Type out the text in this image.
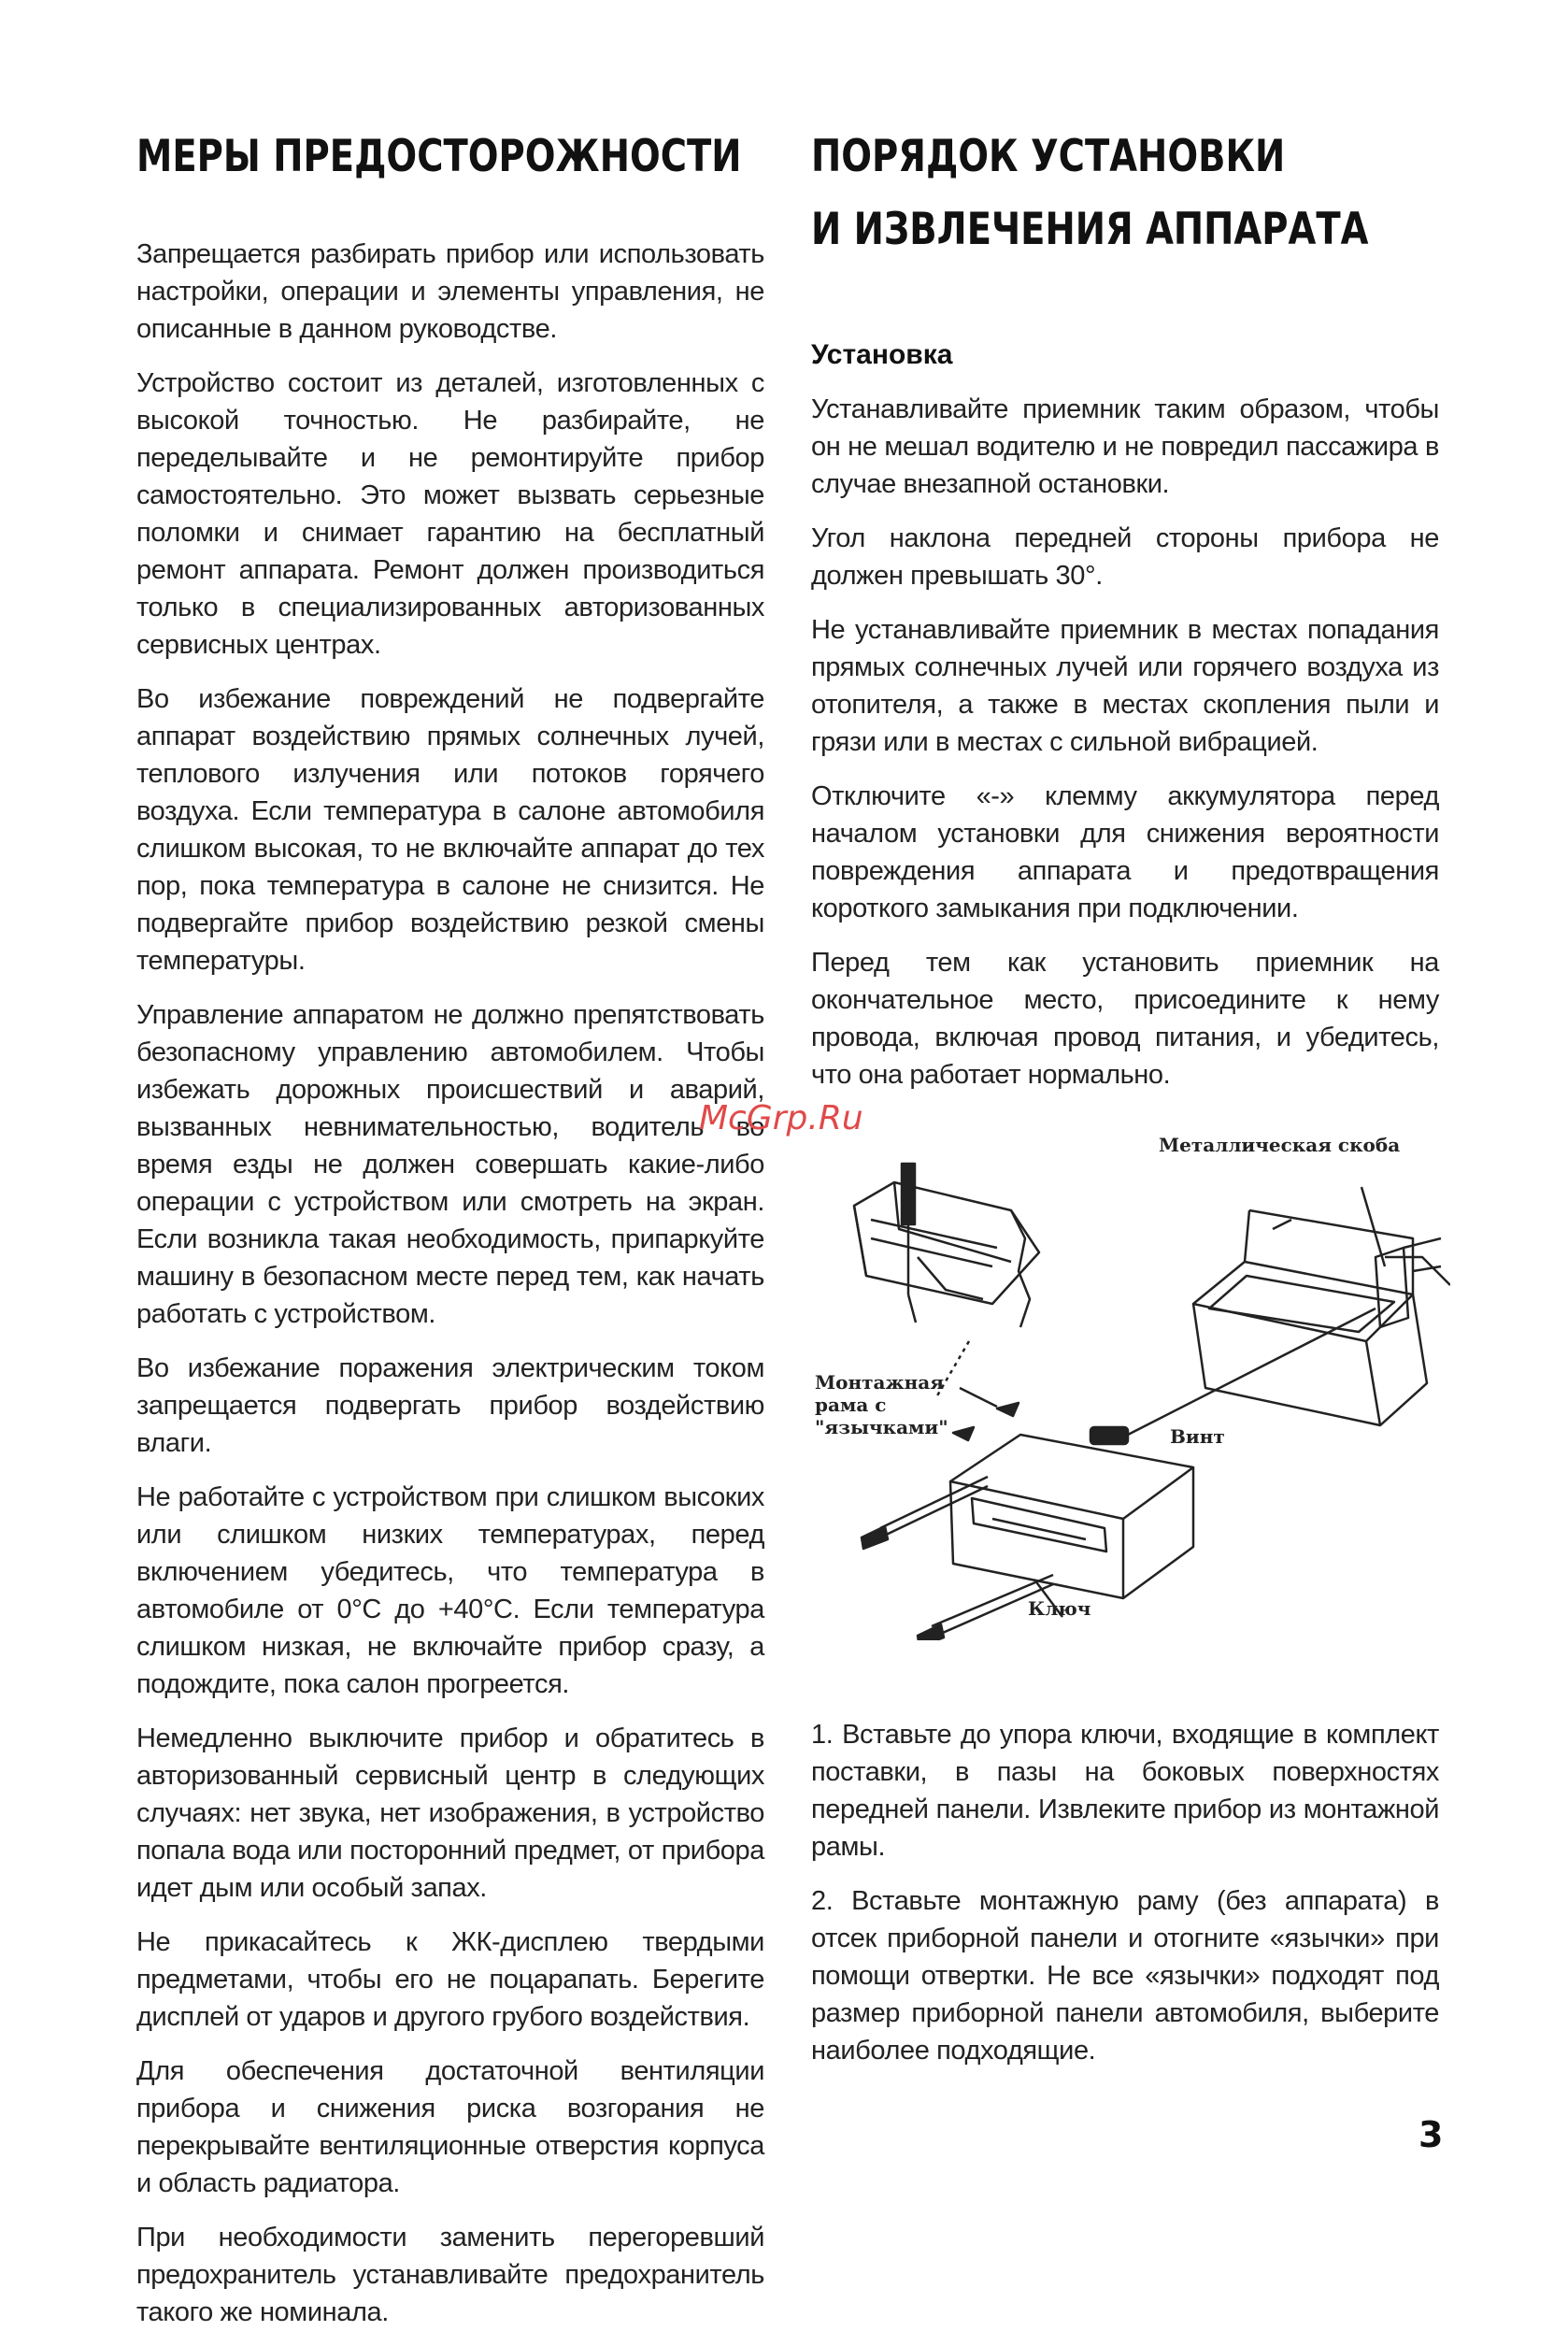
МЕРЫ ПРЕДОСТОРОЖНОСТИ

Запрещается разбирать прибор или использовать настройки, операции и элементы управления, не описанные в данном руководстве.

Устройство состоит из деталей, изготовленных с высокой точностью. Не разбирайте, не переделывайте и не ремонтируйте прибор самостоятельно. Это может вызвать серьезные поломки и снимает гарантию на бесплатный ремонт аппарата. Ремонт должен производиться только в специализированных авторизованных сервисных центрах.

Во избежание повреждений не подвергайте аппарат воздействию прямых солнечных лучей, теплового излучения или потоков горячего воздуха. Если температура в салоне автомобиля слишком высокая, то не включайте аппарат до тех пор, пока температура в салоне не снизится. Не подвергайте прибор воздействию резкой смены температуры.

Управление аппаратом не должно препятствовать безопасному управлению автомобилем. Чтобы избежать дорожных происшествий и аварий, вызванных невнимательностью, водитель во время езды не должен совершать какие-либо операции с устройством или смотреть на экран. Если возникла такая необходимость, припаркуйте машину в безопасном месте перед тем, как начать работать с устройством.

Во избежание поражения электрическим током запрещается подвергать прибор воздействию влаги.

Не работайте с устройством при слишком высоких или слишком низких температурах, перед включением убедитесь, что температура в автомобиле от 0°C до +40°C. Если температура слишком низкая, не включайте прибор сразу, а подождите, пока салон прогреется.

Немедленно выключите прибор и обратитесь в авторизованный сервисный центр в следующих случаях: нет звука, нет изображения, в устройство попала вода или посторонний предмет, от прибора идет дым или особый запах.

Не прикасайтесь к ЖК-дисплею твердыми предметами, чтобы его не поцарапать. Берегите дисплей от ударов и другого грубого воздействия.

Для обеспечения достаточной вентиляции прибора и снижения риска возгорания не перекрывайте вентиляционные отверстия корпуса и область радиатора.

При необходимости заменить перегоревший предохранитель устанавливайте предохранитель такого же номинала.

ПОРЯДОК УСТАНОВКИ
И ИЗВЛЕЧЕНИЯ АППАРАТА
Установка

Устанавливайте приемник таким образом, чтобы он не мешал водителю и не повредил пассажира в случае внезапной остановки.

Угол наклона передней стороны прибора не должен превышать 30°.

Не устанавливайте приемник в местах попадания прямых солнечных лучей или горячего воздуха из отопителя, а также в местах скопления пыли и грязи или в местах с сильной вибрацией.

Отключите «-» клемму аккумулятора перед началом установки для снижения вероятности повреждения аппарата и предотвращения короткого замыкания при подключении.

Перед тем как установить приемник на окончательное место, присоедините к нему провода, включая провод питания, и убедитесь, что она работает нормально.

1. Вставьте до упора ключи, входящие в комплект поставки, в пазы на боковых поверхностях передней панели. Извлеките прибор из монтажной рамы.

2. Вставьте монтажную раму (без аппарата) в отсек приборной панели и отогните «язычки» при помощи отвертки. Не все «язычки» подходят под размер приборной панели автомобиля, выберите наиболее подходящие.

Металлическая скоба

Монтажная

рама с

"язычками"	Винт

Ключ

McGrp.Ru

3
